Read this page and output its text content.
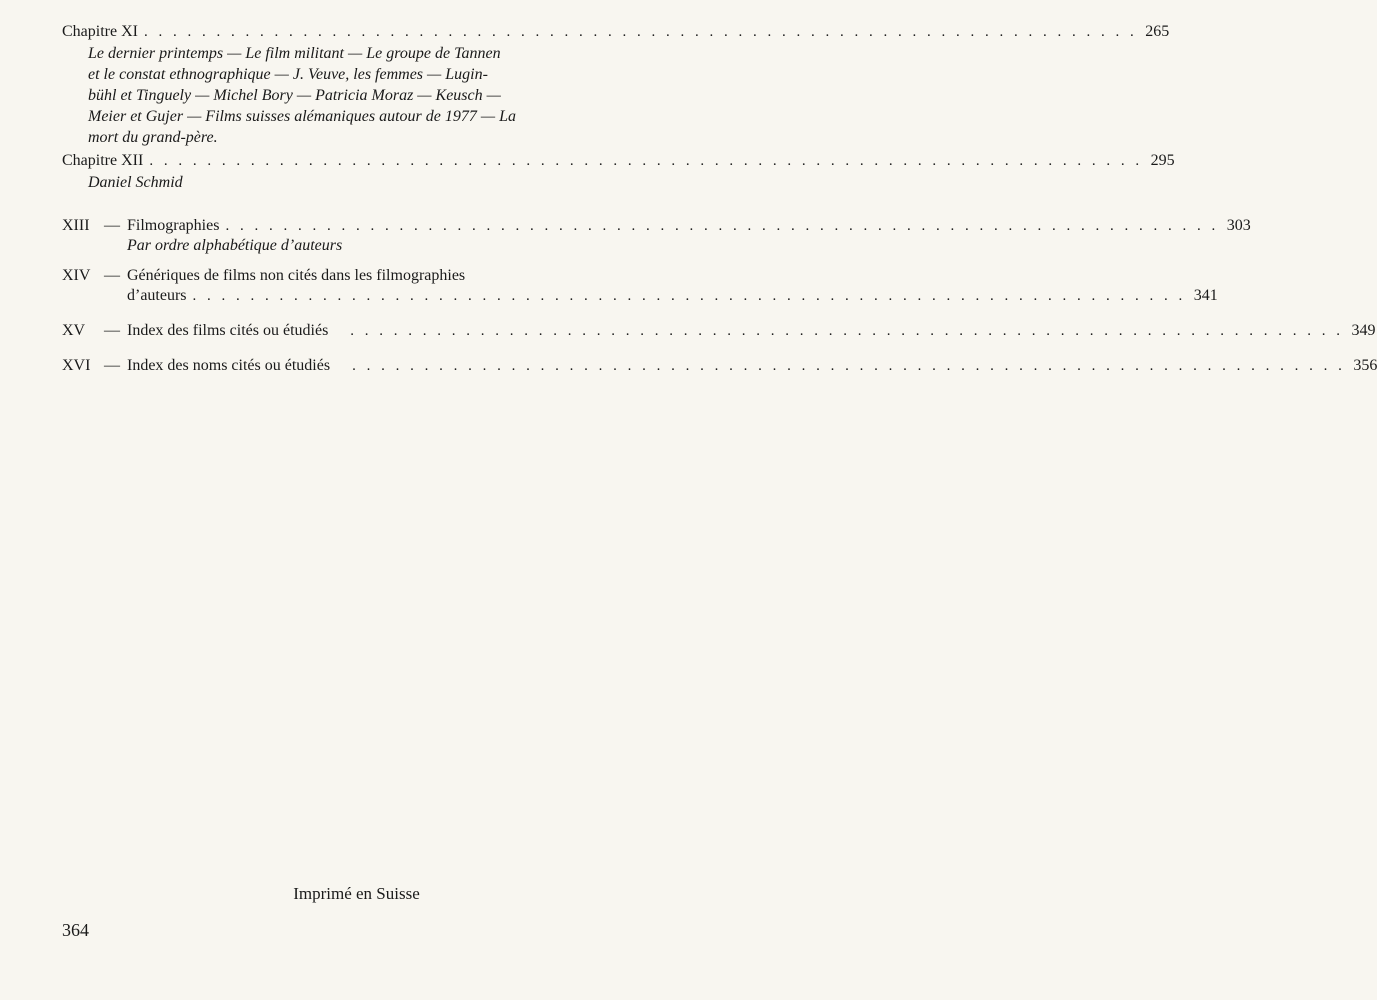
Chapitre XI . . . . . . . . . . . . . . . . . . . . . . . . . . . . . . . . . . . . . . . . . . . . . . . . . . . . . . . . . . . . . . . . . . . . . 265
Le dernier printemps — Le film militant — Le groupe de Tannen
et le constat ethnographique — J. Veuve, les femmes — Lugin-
bühl et Tinguely — Michel Bory — Patricia Moraz — Keusch —
Meier et Gujer — Films suisses alémaniques autour de 1977 — La
mort du grand-père.
Chapitre XII . . . . . . . . . . . . . . . . . . . . . . . . . . . . . . . . . . . . . . . . . . . . . . . . . . . . . . . . . . . . . . . . . . . . . 295
Daniel Schmid
XIII — Filmographies . . . . . . . . . . . . . . . . . . . . . . . . . . . . . . . . . . . . . . . . . . . . . . . . . . . . . . . . . . . . . . . . . . . . . 303
Par ordre alphabétique d’auteurs
XIV — Génériques de films non cités dans les filmographies
d’auteurs . . . . . . . . . . . . . . . . . . . . . . . . . . . . . . . . . . . . . . . . . . . . . . . . . . . . . . . . . . . . . . . . . . . . . 341
XV — Index des films cités ou étudiés . . . . . . . . . . . . . . . . . . . . . . . . . . . . . . . . . . . . . . . . . . . . . . . . . . . . . . . . . . . . . . . . . . . . . 349
XVI — Index des noms cités ou étudiés . . . . . . . . . . . . . . . . . . . . . . . . . . . . . . . . . . . . . . . . . . . . . . . . . . . . . . . . . . . . . . . . . . . . . 356
Imprimé en Suisse
364
